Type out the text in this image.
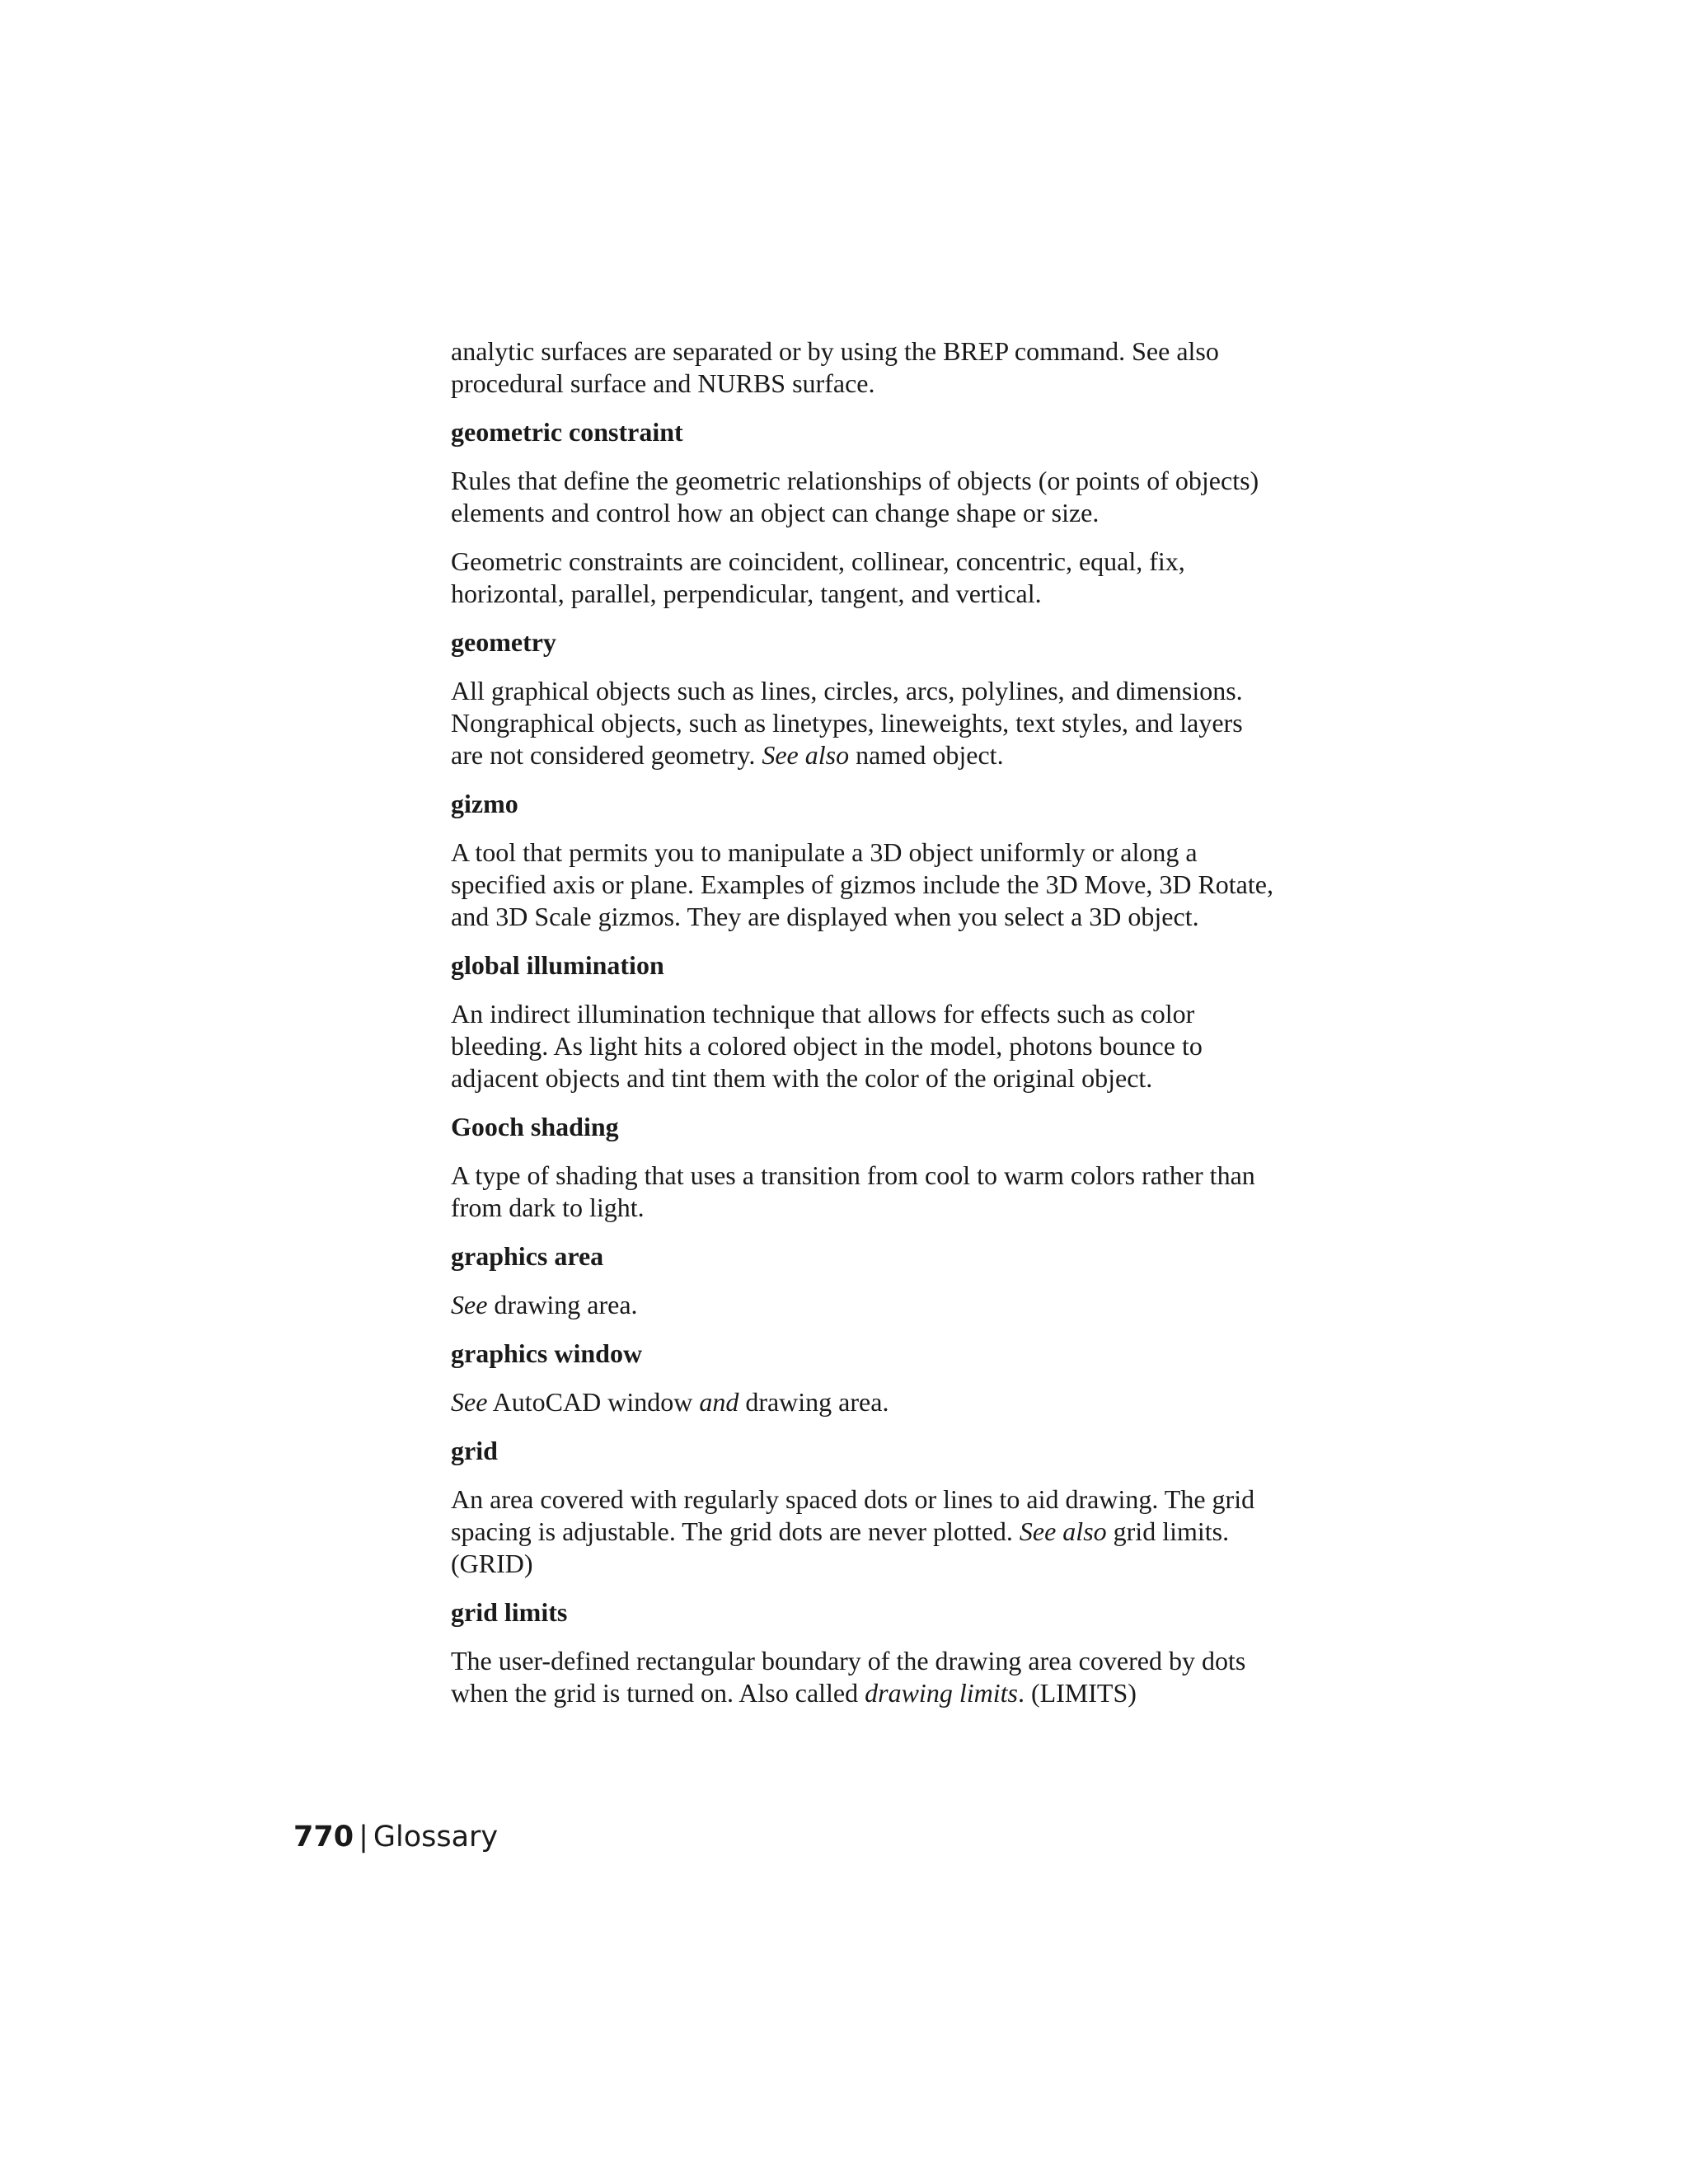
analytic surfaces are separated or by using the BREP command. See also
procedural surface and NURBS surface.

geometric constraint

Rules that define the geometric relationships of objects (or points of objects)
elements and control how an object can change shape or size.

Geometric constraints are coincident, collinear, concentric, equal, fix,
horizontal, parallel, perpendicular, tangent, and vertical.

geometry

All graphical objects such as lines, circles, arcs, polylines, and dimensions.
Nongraphical objects, such as linetypes, lineweights, text styles, and layers
are not considered geometry. See also named object.

gizmo

A tool that permits you to manipulate a 3D object uniformly or along a
specified axis or plane. Examples of gizmos include the 3D Move, 3D Rotate,
and 3D Scale gizmos. They are displayed when you select a 3D object.

global illumination

An indirect illumination technique that allows for effects such as color
bleeding. As light hits a colored object in the model, photons bounce to
adjacent objects and tint them with the color of the original object.

Gooch shading

A type of shading that uses a transition from cool to warm colors rather than
from dark to light.

graphics area

See drawing area.

graphics window

See AutoCAD window and drawing area.

grid

An area covered with regularly spaced dots or lines to aid drawing. The grid
spacing is adjustable. The grid dots are never plotted. See also grid limits.
(GRID)

grid limits

The user-defined rectangular boundary of the drawing area covered by dots
when the grid is turned on. Also called drawing limits. (LIMITS)

770 | Glossary
